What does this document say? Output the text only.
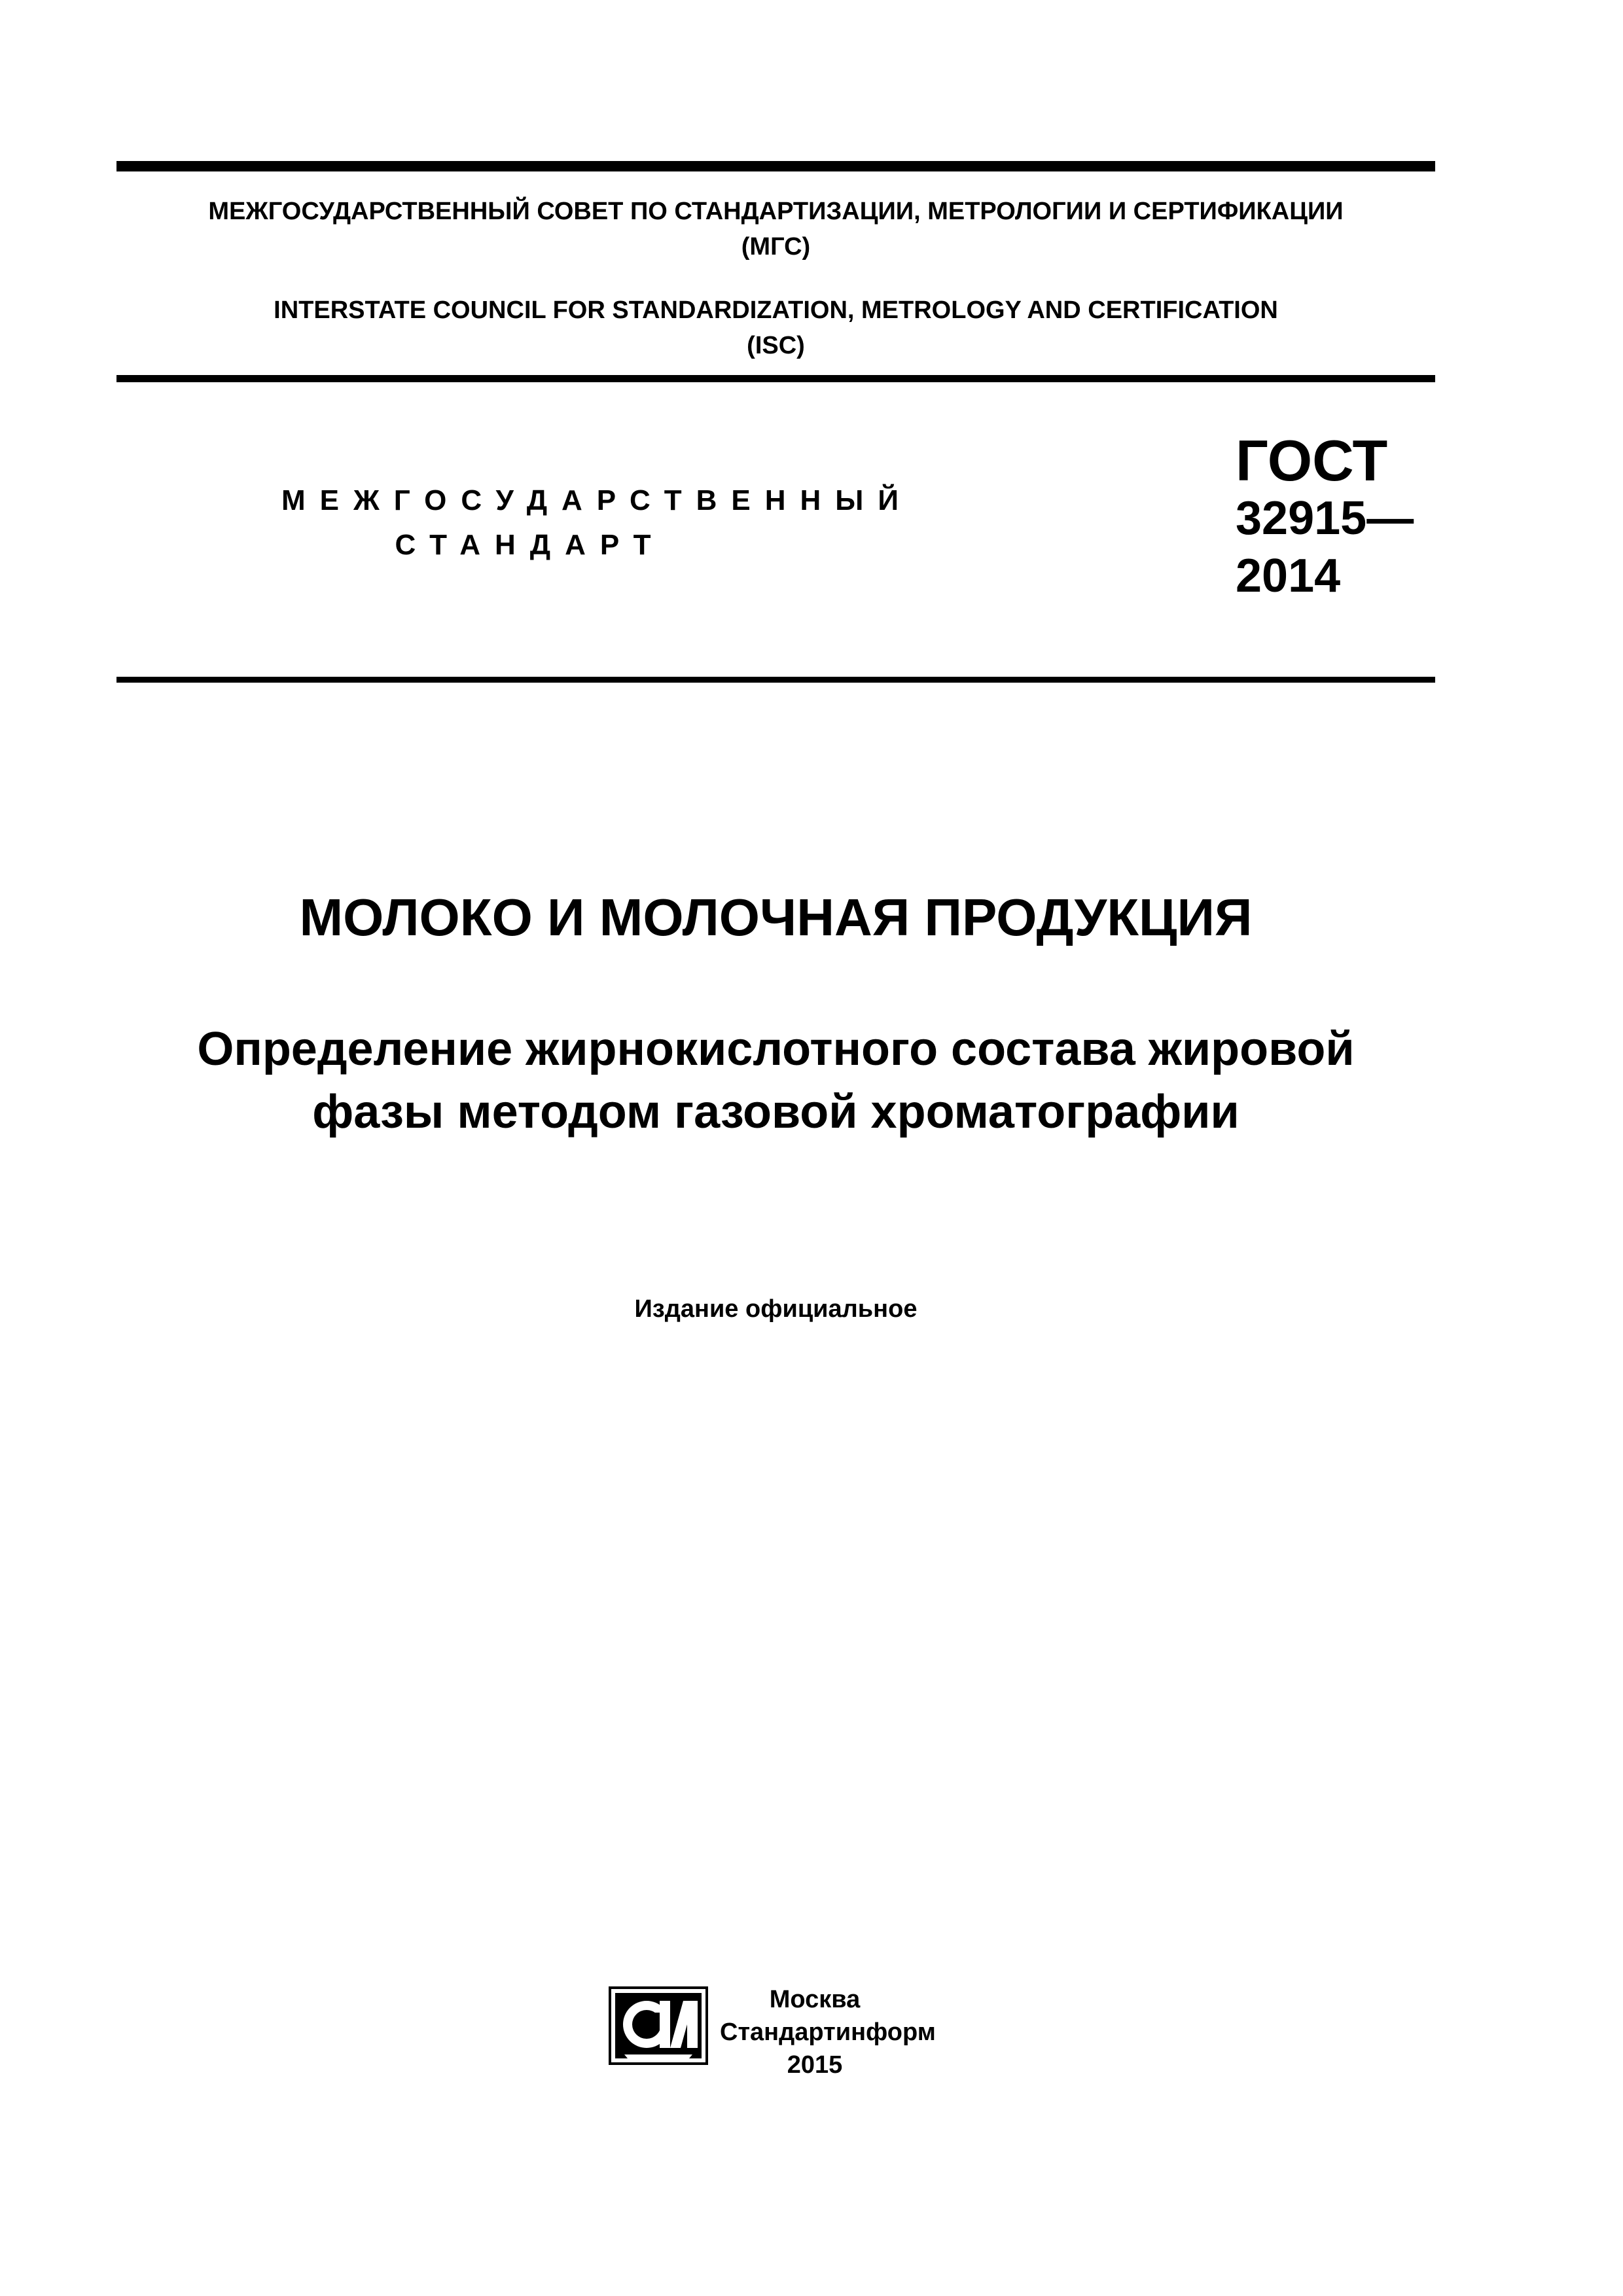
МЕЖГОСУДАРСТВЕННЫЙ СОВЕТ ПО СТАНДАРТИЗАЦИИ, МЕТРОЛОГИИ И СЕРТИФИКАЦИИ
(МГС)
INTERSTATE COUNCIL FOR STANDARDIZATION, METROLOGY AND CERTIFICATION
(ISC)
МЕЖГОСУДАРСТВЕННЫЙ
СТАНДАРТ
ГОСТ
32915—
2014
МОЛОКО И МОЛОЧНАЯ ПРОДУКЦИЯ
Определение жирнокислотного состава жировой
фазы методом газовой хроматографии
Издание официальное
Москва
Стандартинформ
2015
